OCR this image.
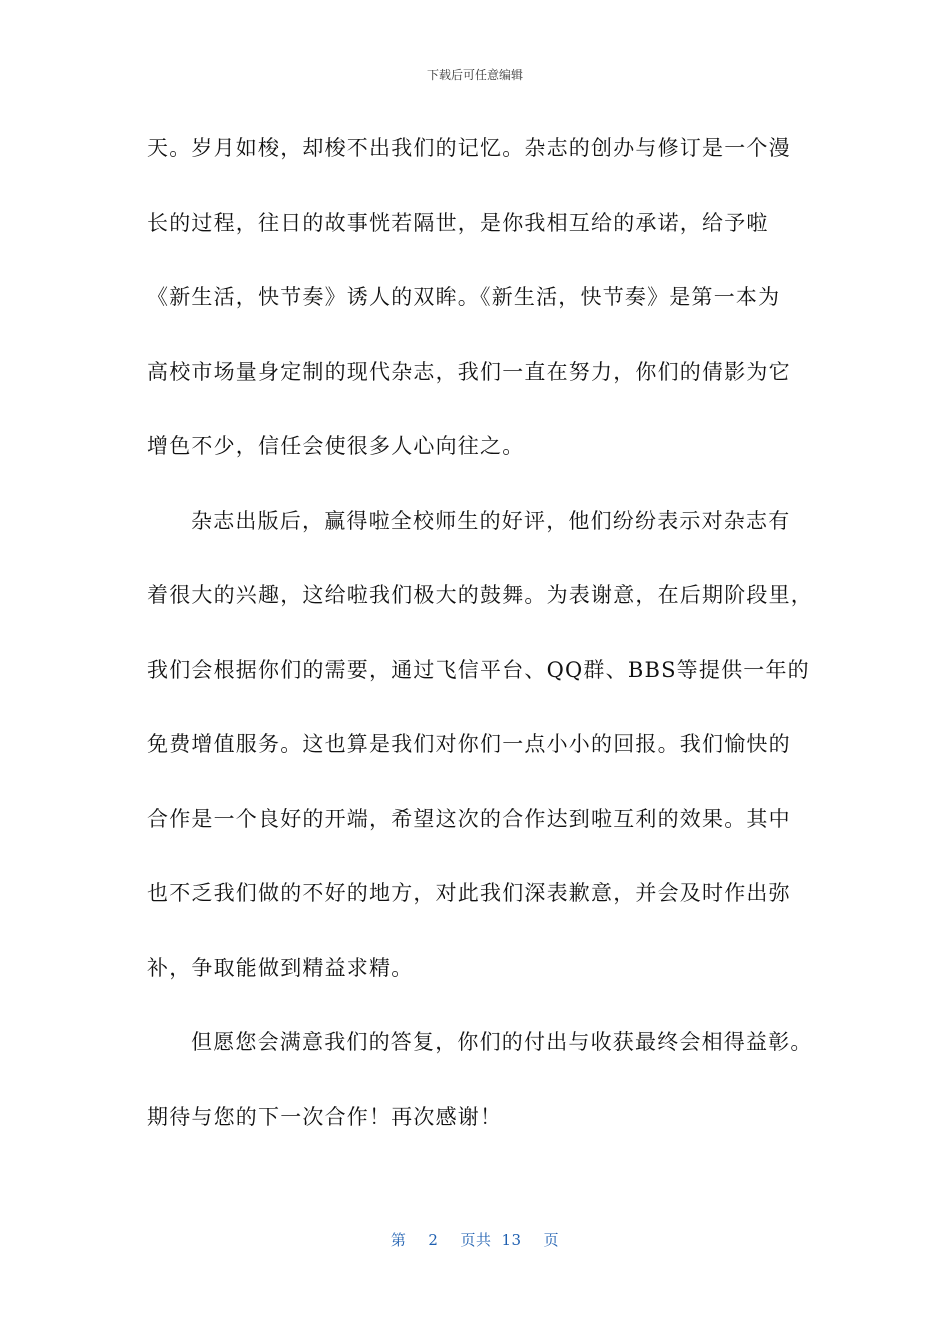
下载后可任意编辑
天。岁月如梭，却梭不出我们的记忆。杂志的创办与修订是一个漫
长的过程，往日的故事恍若隔世，是你我相互给的承诺，给予啦
《新生活，快节奏》诱人的双眸。《新生活，快节奏》是第一本为
高校市场量身定制的现代杂志，我们一直在努力，你们的倩影为它
增色不少，信任会使很多人心向往之。
杂志出版后，赢得啦全校师生的好评，他们纷纷表示对杂志有
着很大的兴趣，这给啦我们极大的鼓舞。为表谢意，在后期阶段里，
我们会根据你们的需要，通过飞信平台、QQ群、BBS等提供一年的
免费增值服务。这也算是我们对你们一点小小的回报。我们愉快的
合作是一个良好的开端，希望这次的合作达到啦互利的效果。其中
也不乏我们做的不好的地方，对此我们深表歉意，并会及时作出弥
补，争取能做到精益求精。
但愿您会满意我们的答复，你们的付出与收获最终会相得益彰。
期待与您的下一次合作！再次感谢！
第 2 页共 13 页
